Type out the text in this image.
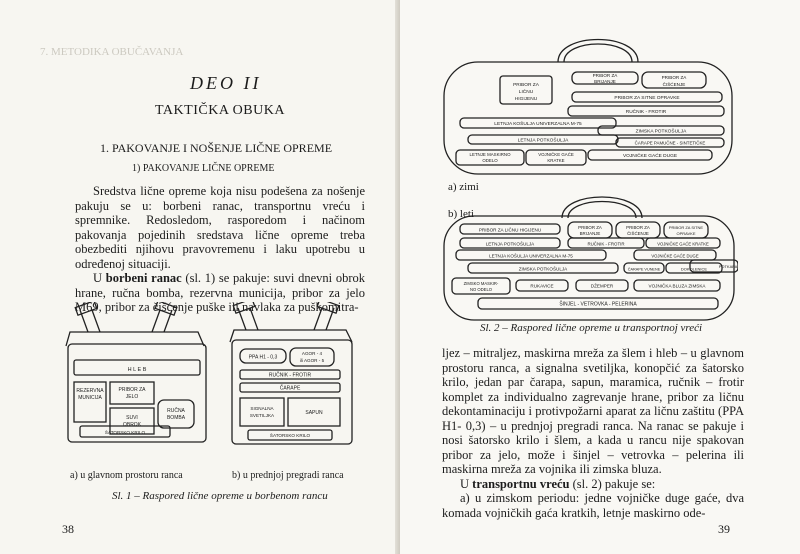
7. METODIKA OBUČAVANJA
DEO II
TAKTIČKA OBUKA
1. PAKOVANJE I NOŠENJE LIČNE OPREME
1) PAKOVANJE LIČNE OPREME

Sredstva lične opreme koja nisu podešena za nošenje pakuju se u: borbeni ranac, transportnu vreću i spremnike. Redosledom, rasporedom i načinom pakovanja pojedinih sredstava lične opreme treba obezbediti njihovu pravovremenu i laku upotrebu u određenoj situaciji.

U borbeni ranac (sl. 1) se pakuje: suvi dnevni obrok hrane, ručna bomba, rezervna municija, pribor za jelo M69, pribor za čišćenje puške ili navlaka za puškomitra-

H L E B
REZERVNA
MUNICIJA
PRIBOR ZA
JELO
RUČNA
BOMBA
SUVI
OBROK
ŠATORSKO KRILO
PPA H1 - 0,3
AGOR - 4
ili AGOR - 5
RUČNIK - FROTIR
ČARAPE
SIGNALNA
SVETILJKA	SAPUN
ŠATORSKO KRILO
a) u glavnom prostoru ranca	b) u prednjoj pregradi ranca
Sl. 1 – Raspored lične opreme u borbenom rancu
38
PRIBOR ZA
LIČNU
HIGIJENU
PRIBOR ZA
BRIJANJE
PRIBOR ZA
ČIŠĆENJE
PRIBOR ZA SITNE OPRAVKE
RUČNIK - FROTIR
LETNJA KOŠULJA UNIVERZALNA M-75
ZIMSKA POTKOŠULJA
LETNJA POTKOŠULJA	ČARAPE PAMUČNE - SINTETIČKE
LETNJE MASKIRNO
ODELO
VOJNIČKE GAĆE
KRATKE
VOJNIČKE GAĆE DUGE
a) zimi
PRIBOR ZA LIČNU HIGIJENU	PRIBOR ZA
BRIJANJE
PRIBOR ZA
ČIŠĆENJE
PRIBOR ZA SITNE
OPRAVKE
LETNJA POTKOŠULJA
LETNJA KOŠULJA UNIVERZALNA M-75
RUČNIK - FROTIR	VOJNIČKE GAĆE KRATKE
VOJNIČKE GAĆE DUGE
ZIMSKA POTKOŠULJA	ČARAPE VUNENE	DOKOLENICE	POTKAPA
ZIMSKO MASKIR-
NO ODELO
RUKAVICE	DŽEMPER	VOJNIČKA BLUZA ZIMSKA
ŠINJEL - VETROVKA - PELERINA
b) leti
Sl. 2 – Raspored lične opreme u transportnoj vreći

ljez – mitraljez, maskirna mreža za šlem i hleb – u glavnom prostoru ranca, a signalna svetiljka, konopčić za šatorsko krilo, jedan par čarapa, sapun, maramica, ručnik – frotir komplet za individualno zagrevanje hrane, pribor za ličnu dekontaminaciju i protivpožarni aparat za ličnu zaštitu (PPA H1- 0,3) – u prednjoj pregradi ranca. Na ranac se pakuje i nosi šatorsko krilo i šlem, a kada u rancu nije spakovan pribor za jelo, može i šinjel – vetrovka – pelerina ili maskirna mreža za vojnika ili zimska bluza.

U transportnu vreću (sl. 2) pakuje se:

a) u zimskom periodu: jedne vojničke duge gaće, dva komada vojničkih gaća kratkih, letnje maskirno ode-

39
